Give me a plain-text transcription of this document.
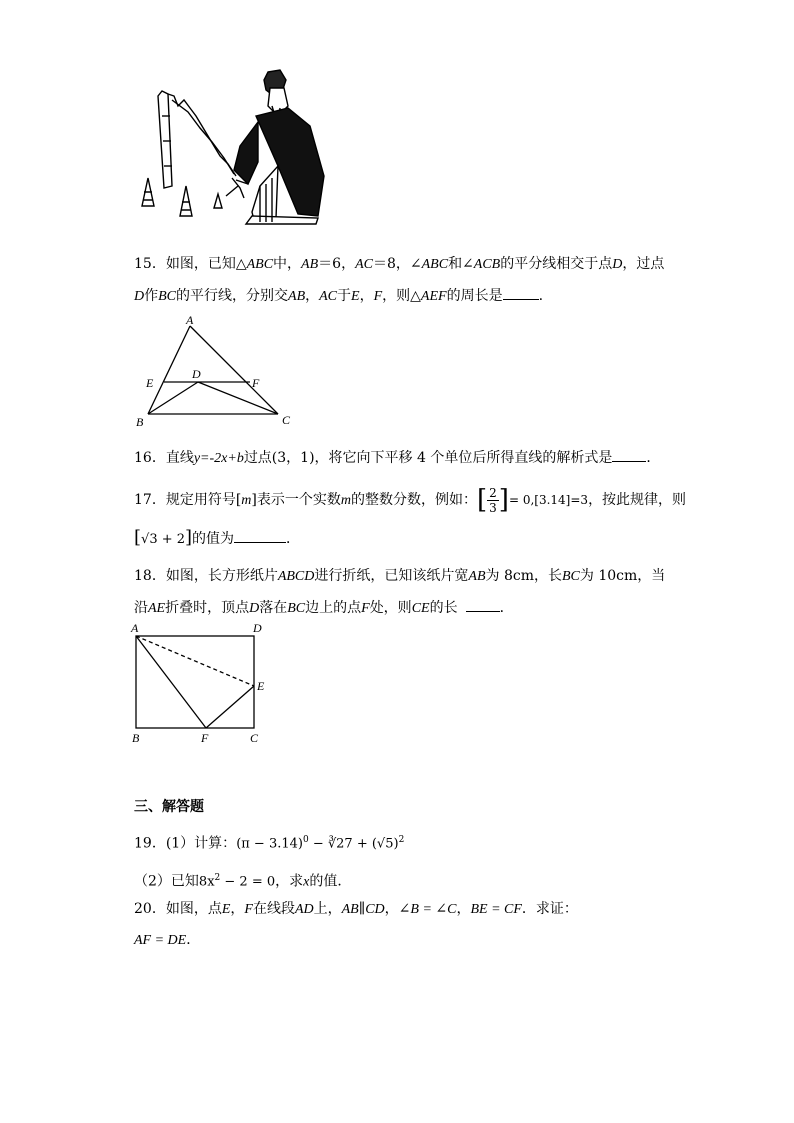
15．如图，已知△ABC中，AB＝6，AC＝8，∠ABC和∠ACB的平分线相交于点D，过点
D作BC的平行线，分别交AB，AC于E，F，则△AEF的周长是	.
A
E
D
F
B	C
16．直线y=-2x+b过点(3，1)，将它向下平移 4 个单位后所得直线的解析式是 ．
17．规定用符号[m]表示一个实数m的整数分数，例如：[ $\frac{2}{3}$ ]= 0,[3.14]=3，按此规律，则
[√3 + 2]的值为	．
18．如图，长方形纸片ABCD进行折纸，已知该纸片宽AB为 8cm，长BC为 10cm，当
沿AE折叠时，顶点D落在BC边上的点F处，则CE的长	．
A	D
E
B	F	C
三、解答题
19．(1）计算：$(\pi - 3.14)^0$ − ∛27 + $(√5)^2$
（2）已知$8x^2 - 2 = 0$，求x的值．
20．如图，点E，F在线段AD上，AB∥CD，∠B = ∠C，BE = CF．求证：
AF = DE．
